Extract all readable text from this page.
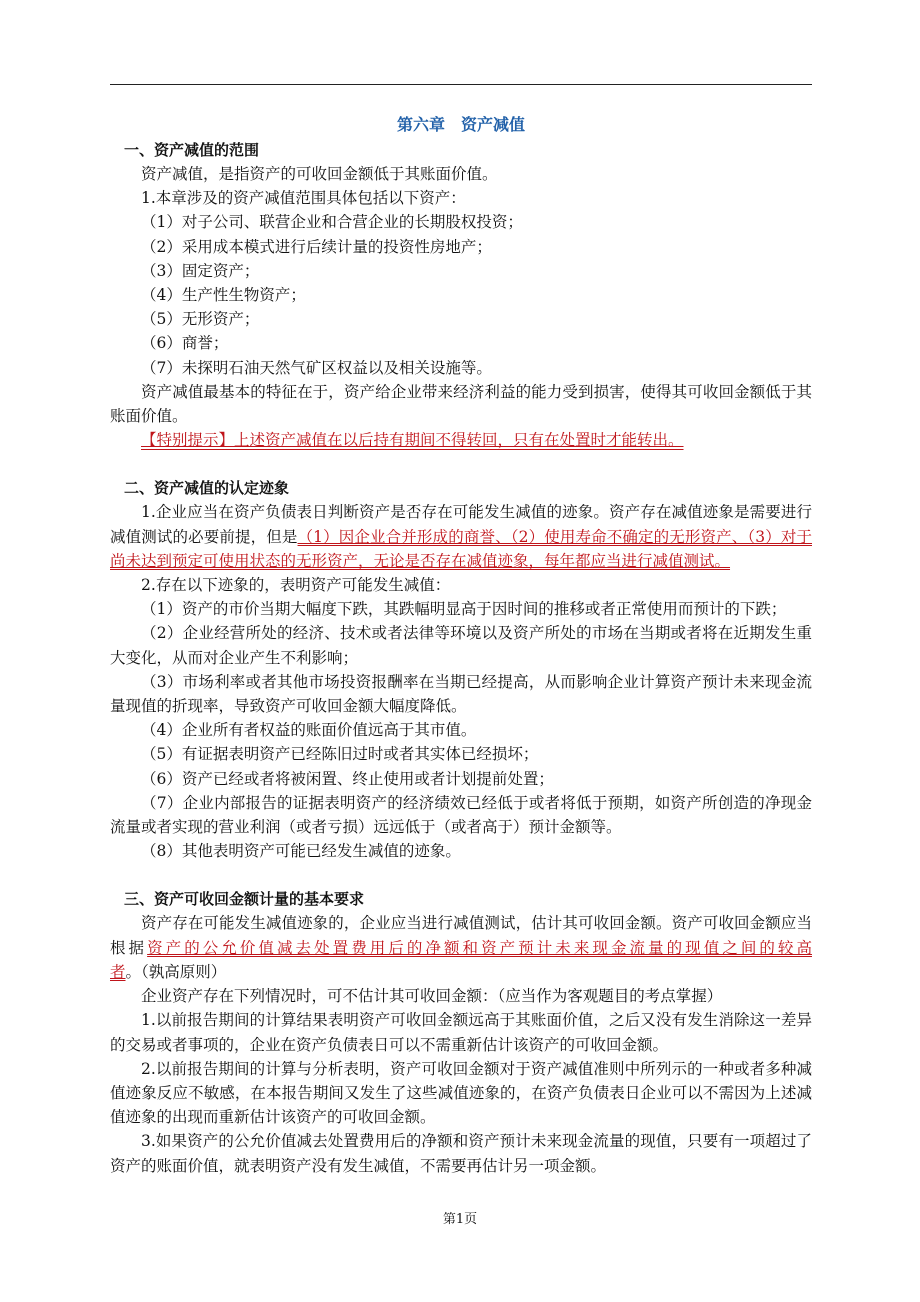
第六章 资产减值
一、资产减值的范围

资产减值，是指资产的可收回金额低于其账面价值。

1.本章涉及的资产减值范围具体包括以下资产：

（1）对子公司、联营企业和合营企业的长期股权投资；

（2）采用成本模式进行后续计量的投资性房地产；

（3）固定资产；

（4）生产性生物资产；

（5）无形资产；

（6）商誉；

（7）未探明石油天然气矿区权益以及相关设施等。

资产减值最基本的特征在于，资产给企业带来经济利益的能力受到损害，使得其可收回金额低于其账面价值。

【特别提示】上述资产减值在以后持有期间不得转回，只有在处置时才能转出。

二、资产减值的认定迹象

1.企业应当在资产负债表日判断资产是否存在可能发生减值的迹象。资产存在减值迹象是需要进行减值测试的必要前提，但是（1）因企业合并形成的商誉、（2）使用寿命不确定的无形资产、（3）对于尚未达到预定可使用状态的无形资产，无论是否存在减值迹象，每年都应当进行减值测试。

2.存在以下迹象的，表明资产可能发生减值：

（1）资产的市价当期大幅度下跌，其跌幅明显高于因时间的推移或者正常使用而预计的下跌；

（2）企业经营所处的经济、技术或者法律等环境以及资产所处的市场在当期或者将在近期发生重大变化，从而对企业产生不利影响；

（3）市场利率或者其他市场投资报酬率在当期已经提高，从而影响企业计算资产预计未来现金流量现值的折现率，导致资产可收回金额大幅度降低。

（4）企业所有者权益的账面价值远高于其市值。

（5）有证据表明资产已经陈旧过时或者其实体已经损坏；

（6）资产已经或者将被闲置、终止使用或者计划提前处置；

（7）企业内部报告的证据表明资产的经济绩效已经低于或者将低于预期，如资产所创造的净现金流量或者实现的营业利润（或者亏损）远远低于（或者高于）预计金额等。

（8）其他表明资产可能已经发生减值的迹象。

三、资产可收回金额计量的基本要求

资产存在可能发生减值迹象的，企业应当进行减值测试，估计其可收回金额。资产可收回金额应当根据资产的公允价值减去处置费用后的净额和资产预计未来现金流量的现值之间的较高者。（孰高原则）

企业资产存在下列情况时，可不估计其可收回金额：（应当作为客观题目的考点掌握）

1.以前报告期间的计算结果表明资产可收回金额远高于其账面价值，之后又没有发生消除这一差异的交易或者事项的，企业在资产负债表日可以不需重新估计该资产的可收回金额。

2.以前报告期间的计算与分析表明，资产可收回金额对于资产减值准则中所列示的一种或者多种减值迹象反应不敏感，在本报告期间又发生了这些减值迹象的，在资产负债表日企业可以不需因为上述减值迹象的出现而重新估计该资产的可收回金额。

3.如果资产的公允价值减去处置费用后的净额和资产预计未来现金流量的现值，只要有一项超过了资产的账面价值，就表明资产没有发生减值，不需要再估计另一项金额。

第1页
